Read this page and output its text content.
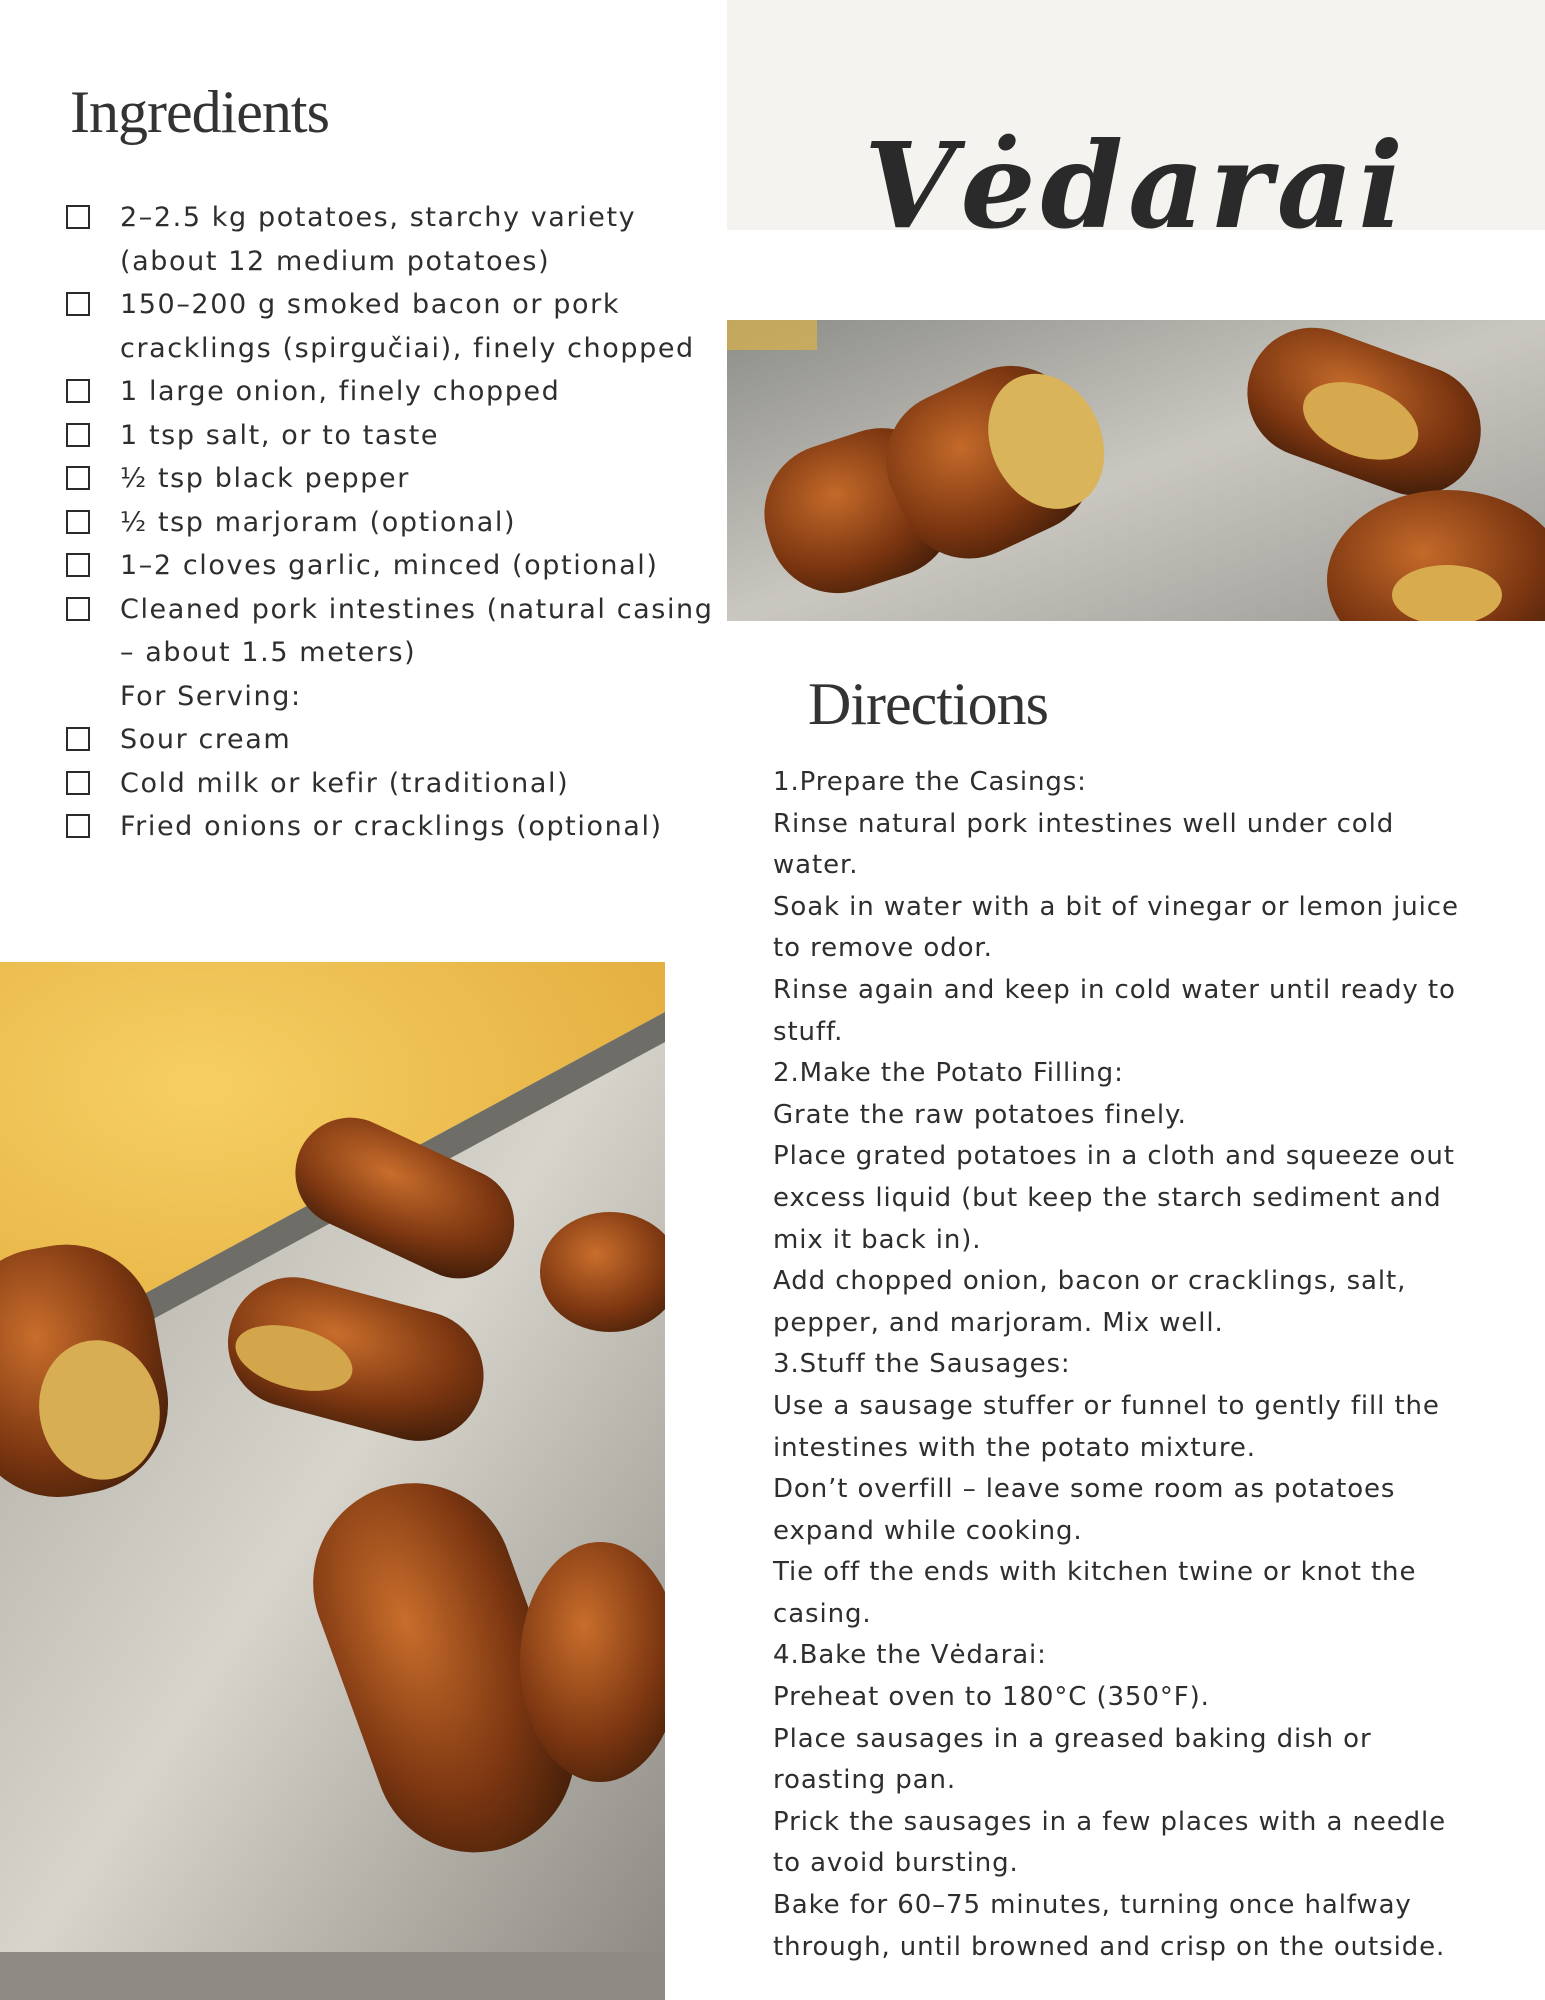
Vėdarai
Ingredients
2–2.5 kg potatoes, starchy variety (about 12 medium potatoes)
150–200 g smoked bacon or pork cracklings (spirgučiai), finely chopped
1 large onion, finely chopped
1 tsp salt, or to taste
½ tsp black pepper
½ tsp marjoram (optional)
1–2 cloves garlic, minced (optional)
Cleaned pork intestines (natural casing – about 1.5 meters)
For Serving:
Sour cream
Cold milk or kefir (traditional)
Fried onions or cracklings (optional)
Directions
1.Prepare the Casings:
Rinse natural pork intestines well under cold
water.
Soak in water with a bit of vinegar or lemon juice
to remove odor.
Rinse again and keep in cold water until ready to
stuff.
2.Make the Potato Filling:
Grate the raw potatoes finely.
Place grated potatoes in a cloth and squeeze out
excess liquid (but keep the starch sediment and
mix it back in).
Add chopped onion, bacon or cracklings, salt,
pepper, and marjoram. Mix well.
3.Stuff the Sausages:
Use a sausage stuffer or funnel to gently fill the
intestines with the potato mixture.
Don’t overfill – leave some room as potatoes
expand while cooking.
Tie off the ends with kitchen twine or knot the
casing.
4.Bake the Vėdarai:
Preheat oven to 180°C (350°F).
Place sausages in a greased baking dish or
roasting pan.
Prick the sausages in a few places with a needle
to avoid bursting.
Bake for 60–75 minutes, turning once halfway
through, until browned and crisp on the outside.
